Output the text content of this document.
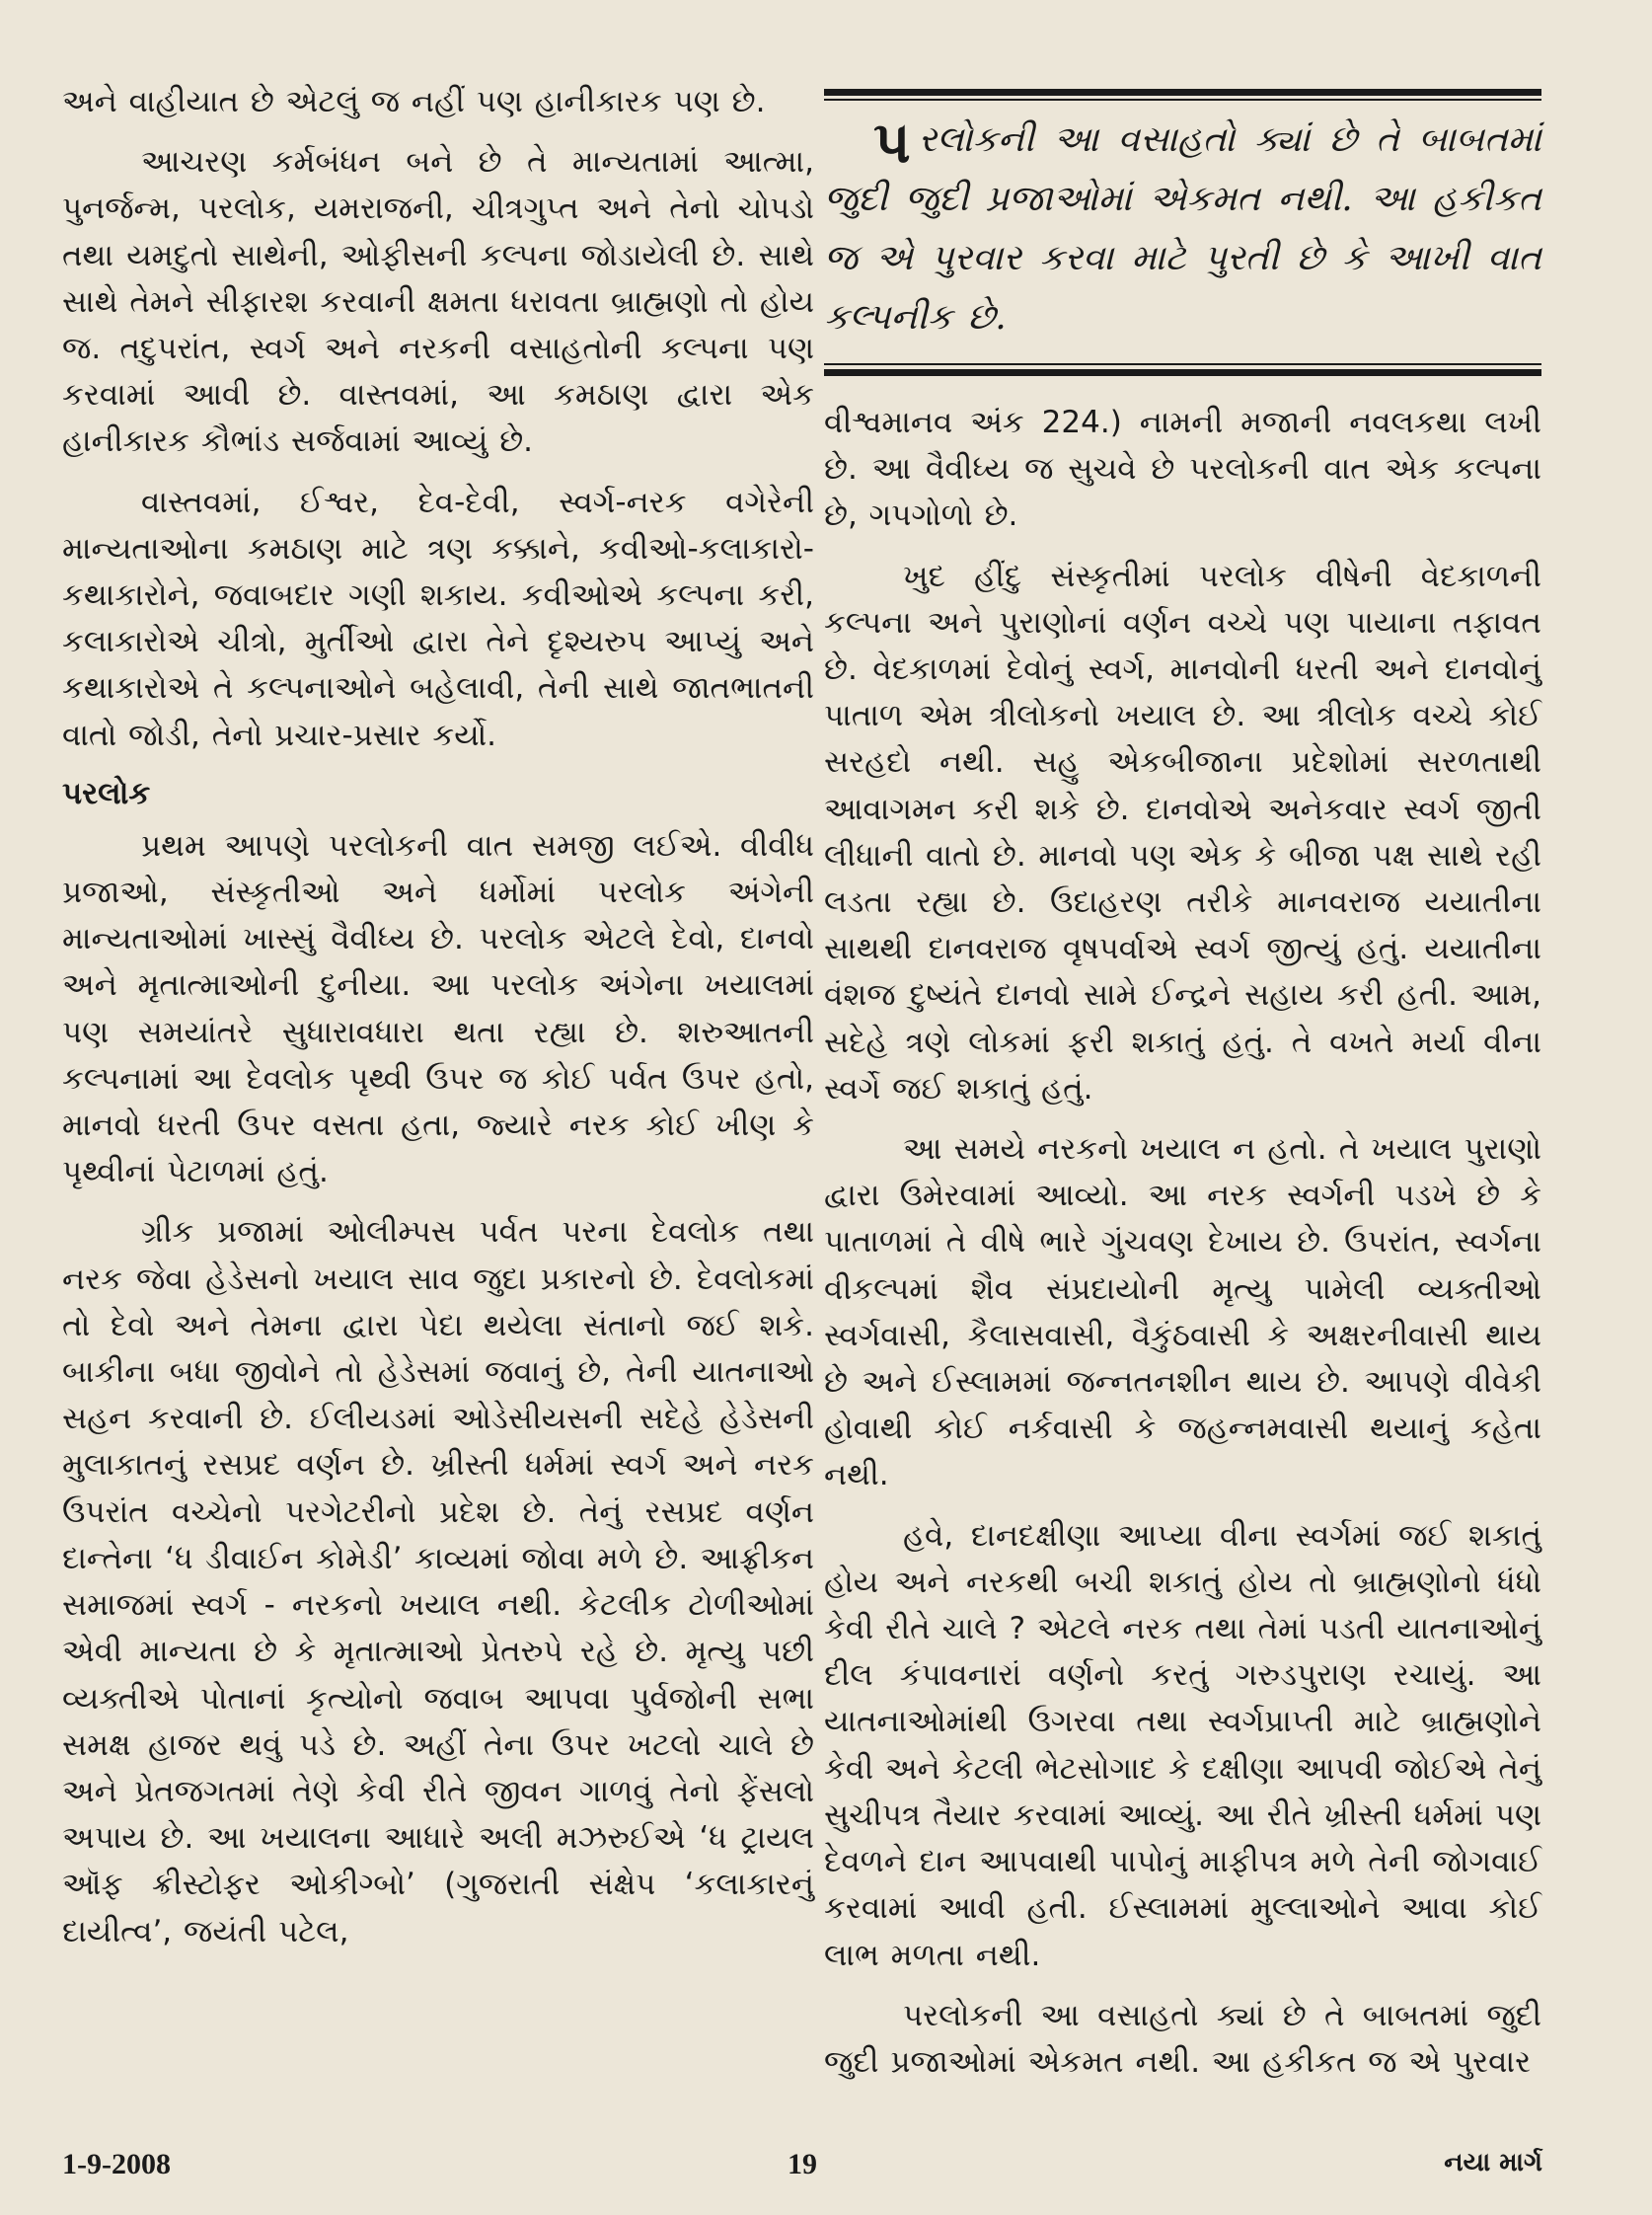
અને વાહીયાત છે એટલું જ નહીં પણ હાનીકારક પણ છે.

આચરણ કર્મબંધન બને છે તે માન્યતામાં આત્મા, પુનર્જન્મ, પરલોક, યમરાજની, ચીત્રગુપ્ત અને તેનો ચોપડો તથા યમદુતો સાથેની, ઓફીસની કલ્પના જોડાયેલી છે. સાથે સાથે તેમને સીફારશ કરવાની ક્ષમતા ધરાવતા બ્રાહ્મણો તો હોય જ. તદુપરાંત, સ્વર્ગ અને નરકની વસાહતોની કલ્પના પણ કરવામાં આવી છે. વાસ્તવમાં, આ કમઠાણ દ્વારા એક હાનીકારક કૌભાંડ સર્જવામાં આવ્યું છે.

વાસ્તવમાં, ઈશ્વર, દેવ-દેવી, સ્વર્ગ-નરક વગેરેની માન્યતાઓના કમઠાણ માટે ત્રણ કક્કાને, કવીઓ-કલાકારો-કથાકારોને, જવાબદાર ગણી શકાય. કવીઓએ કલ્પના કરી, કલાકારોએ ચીત્રો, મુર્તીઓ દ્વારા તેને દૃશ્યરુપ આપ્યું અને કથાકારોએ તે કલ્પનાઓને બહેલાવી, તેની સાથે જાતભાતની વાતો જોડી, તેનો પ્રચાર-પ્રસાર કર્યો.

પરલોક

પ્રથમ આપણે પરલોકની વાત સમજી લઈએ. વીવીધ પ્રજાઓ, સંસ્કૃતીઓ અને ધર્મોમાં પરલોક અંગેની માન્યતાઓમાં ખાસ્સું વૈવીધ્ય છે. પરલોક એટલે દેવો, દાનવો અને મૃતાત્માઓની દુનીયા. આ પરલોક અંગેના ખયાલમાં પણ સમયાંતરે સુધારાવધારા થતા રહ્યા છે. શરુઆતની કલ્પનામાં આ દેવલોક પૃથ્વી ઉપર જ કોઈ પર્વત ઉપર હતો, માનવો ધરતી ઉપર વસતા હતા, જ્યારે નરક કોઈ ખીણ કે પૃથ્વીનાં પેટાળમાં હતું.

ગ્રીક પ્રજામાં ઓલીમ્પસ પર્વત પરના દેવલોક તથા નરક જેવા હેડેસનો ખયાલ સાવ જુદા પ્રકારનો છે. દેવલોકમાં તો દેવો અને તેમના દ્વારા પેદા થયેલા સંતાનો જઈ શકે. બાકીના બધા જીવોને તો હેડેસમાં જવાનું છે, તેની યાતનાઓ સહન કરવાની છે. ઈલીયડમાં ઓડેસીયસની સદેહે હેડેસની મુલાકાતનું રસપ્રદ વર્ણન છે. ખ્રીસ્તી ધર્મમાં સ્વર્ગ અને નરક ઉપરાંત વચ્ચેનો પરગેટરીનો પ્રદેશ છે. તેનું રસપ્રદ વર્ણન દાન્તેના ‘ધ ડીવાઈન કોમેડી’ કાવ્યમાં જોવા મળે છે. આફ્રીકન સમાજમાં સ્વર્ગ - નરકનો ખયાલ નથી. કેટલીક ટોળીઓમાં એવી માન્યતા છે કે મૃતાત્માઓ પ્રેતરુપે રહે છે. મૃત્યુ પછી વ્યક્તીએ પોતાનાં કૃત્યોનો જવાબ આપવા પુર્વજોની સભા સમક્ષ હાજર થવું પડે છે. અહીં તેના ઉપર ખટલો ચાલે છે અને પ્રેતજગતમાં તેણે કેવી રીતે જીવન ગાળવું તેનો ફેંસલો અપાય છે. આ ખયાલના આધારે અલી મઝરુઈએ ‘ધ ટ્રાયલ ઑફ ક્રીસ્ટોફર ઓકીગ્બો’ (ગુજરાતી સંક્ષેપ ‘કલાકારનું દાયીત્વ’, જયંતી પટેલ,

પરલોકની આ વસાહતો ક્યાં છે તે બાબતમાં જુદી જુદી પ્રજાઓમાં એકમત નથી. આ હકીકત જ એ પુરવાર કરવા માટે પુરતી છે કે આખી વાત કલ્પનીક છે.

વીશ્વમાનવ અંક 224.) નામની મજાની નવલકથા લખી છે. આ વૈવીધ્ય જ સુચવે છે પરલોકની વાત એક કલ્પના છે, ગપગોળો છે.

ખુદ હીંદુ સંસ્કૃતીમાં પરલોક વીષેની વેદકાળની કલ્પના અને પુરાણોનાં વર્ણન વચ્ચે પણ પાયાના તફાવત છે. વેદકાળમાં દેવોનું સ્વર્ગ, માનવોની ધરતી અને દાનવોનું પાતાળ એમ ત્રીલોકનો ખયાલ છે. આ ત્રીલોક વચ્ચે કોઈ સરહદો નથી. સહુ એકબીજાના પ્રદેશોમાં સરળતાથી આવાગમન કરી શકે છે. દાનવોએ અનેકવાર સ્વર્ગ જીતી લીધાની વાતો છે. માનવો પણ એક કે બીજા પક્ષ સાથે રહી લડતા રહ્યા છે. ઉદાહરણ તરીકે માનવરાજ યયાતીના સાથથી દાનવરાજ વૃષપર્વાએ સ્વર્ગ જીત્યું હતું. યયાતીના વંશજ દુષ્યંતે દાનવો સામે ઈન્દ્રને સહાય કરી હતી. આમ, સદેહે ત્રણે લોકમાં ફરી શકાતું હતું. તે વખતે મર્યા વીના સ્વર્ગે જઈ શકાતું હતું.

આ સમયે નરકનો ખયાલ ન હતો. તે ખયાલ પુરાણો દ્વારા ઉમેરવામાં આવ્યો. આ નરક સ્વર્ગની પડખે છે કે પાતાળમાં તે વીષે ભારે ગુંચવણ દેખાય છે. ઉપરાંત, સ્વર્ગના વીકલ્પમાં શૈવ સંપ્રદાયોની મૃત્યુ પામેલી વ્યક્તીઓ સ્વર્ગવાસી, કૈલાસવાસી, વૈકુંઠવાસી કે અક્ષરનીવાસી થાય છે અને ઈસ્લામમાં જન્નતનશીન થાય છે. આપણે વીવેકી હોવાથી કોઈ નર્કવાસી કે જહન્નમવાસી થયાનું કહેતા નથી.

હવે, દાનદક્ષીણા આપ્યા વીના સ્વર્ગમાં જઈ શકાતું હોય અને નરકથી બચી શકાતું હોય તો બ્રાહ્મણોનો ધંધો કેવી રીતે ચાલે ? એટલે નરક તથા તેમાં પડતી યાતનાઓનું દીલ કંપાવનારાં વર્ણનો કરતું ગરુડપુરાણ રચાયું. આ યાતનાઓમાંથી ઉગરવા તથા સ્વર્ગપ્રાપ્તી માટે બ્રાહ્મણોને કેવી અને કેટલી ભેટસોગાદ કે દક્ષીણા આપવી જોઈએ તેનું સુચીપત્ર તૈયાર કરવામાં આવ્યું. આ રીતે ખ્રીસ્તી ધર્મમાં પણ દેવળને દાન આપવાથી પાપોનું માફીપત્ર મળે તેની જોગવાઈ કરવામાં આવી હતી. ઈસ્લામમાં મુલ્લાઓને આવા કોઈ લાભ મળતા નથી.

પરલોકની આ વસાહતો ક્યાં છે તે બાબતમાં જુદી જુદી પ્રજાઓમાં એકમત નથી. આ હકીકત જ એ પુરવાર

1-9-2008	19	નયા માર્ગ
